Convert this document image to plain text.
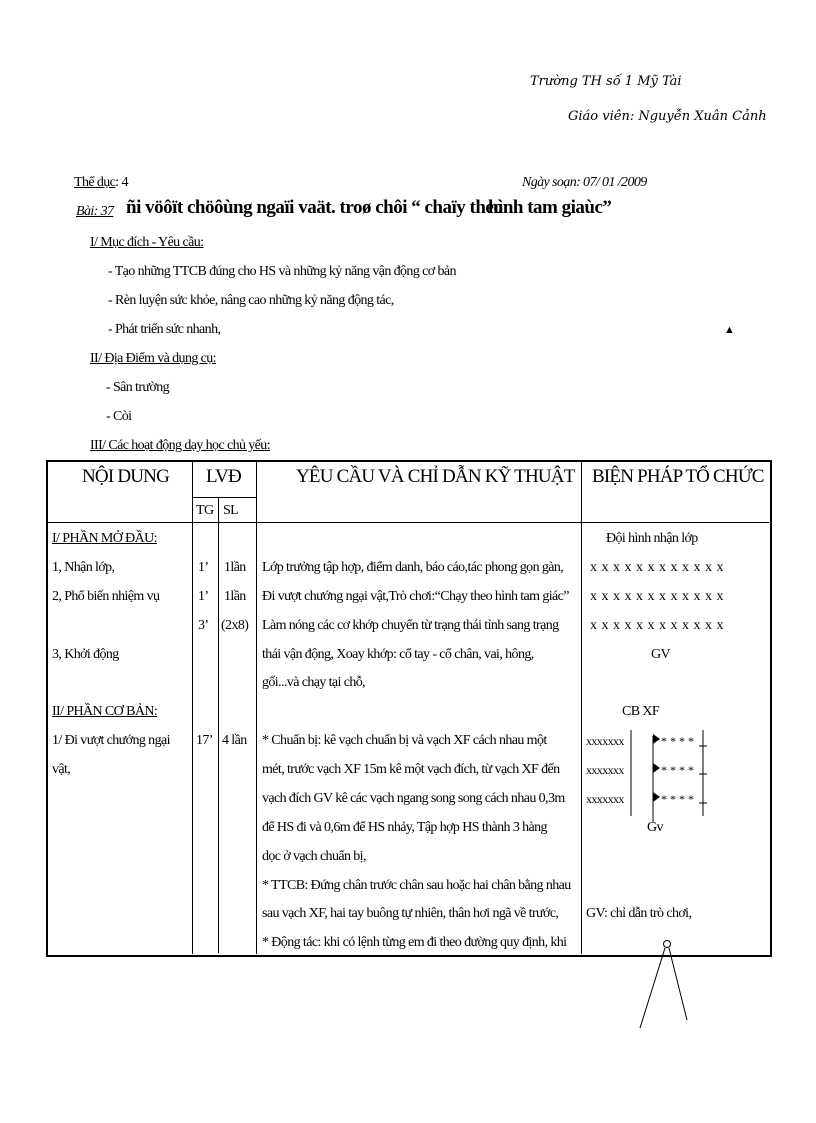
Trường TH số 1 Mỹ Tài
Giáo viên: Nguyễn Xuân Cảnh
Thể dục: 4	Ngày soạn: 07/ 01 /2009
Bài: 37 ñi vöôït chöôùng ngaïi vaät. troø chôi “ chaïy theo
hình tam giaùc”
I/ Mục đích - Yêu cầu:
- Tạo những TTCB đúng cho HS và những kỷ năng vận động cơ bản
- Rèn luyện sức khỏe, nâng cao những kỷ năng động tác,
- Phát triển sức nhanh,	▲
II/ Địa Điểm và dụng cụ:
- Sân trường
- Còi
III/ Các hoạt động dạy học chủ yếu:
NỘI DUNG LVĐ
TG SL
YÊU CẦU VÀ CHỈ DẪN KỸ THUẬT BIỆN PHÁP TỔ CHỨC
I/ PHẦN MỞ ĐẦU:
1, Nhận lớp,
2, Phổ biến nhiệm vụ
3, Khởi động
II/ PHẦN CƠ BẢN:
1/ Đi vượt chướng ngại
vật,
1’
1’
3’
17’
1lần
1lần
(2x8)
4 lần
Lớp trưởng tập hợp, điểm danh, báo cáo,tác phong gọn gàn,
Đi vượt chướng ngại vật,Trò chơi:“Chạy theo hình tam giác”
Làm nóng các cơ khớp chuyển từ trạng thái tỉnh sang trạng
thái vận động, Xoay khớp: cổ tay - cổ chân, vai, hông,
gối...và chạy tại chỗ,
* Chuẩn bị: kê vạch chuẩn bị và vạch XF cách nhau một
mét, trước vạch XF 15m kê một vạch đích, từ vạch XF đến
vạch đích GV kê các vạch ngang song song cách nhau 0,3m
để HS đi và 0,6m để HS nhảy, Tập hợp HS thành 3 hàng
dọc ở vạch chuẩn bị,
* TTCB: Đứng chân trước chân sau hoặc hai chân bằng nhau
sau vạch XF, hai tay buông tự nhiên, thân hơi ngã về trước,
* Động tác: khi có lệnh từng em đi theo đường quy định, khi
Đội hình nhận lớp
x x x x x x x x x x x x
x x x x x x x x x x x x
x x x x x x x x x x x x
GV
CB XF
xxxxxxx
xxxxxxx
xxxxxxx
* * * *
* * * *
* * * *
Gv
GV: chỉ dẫn trò chơi,
